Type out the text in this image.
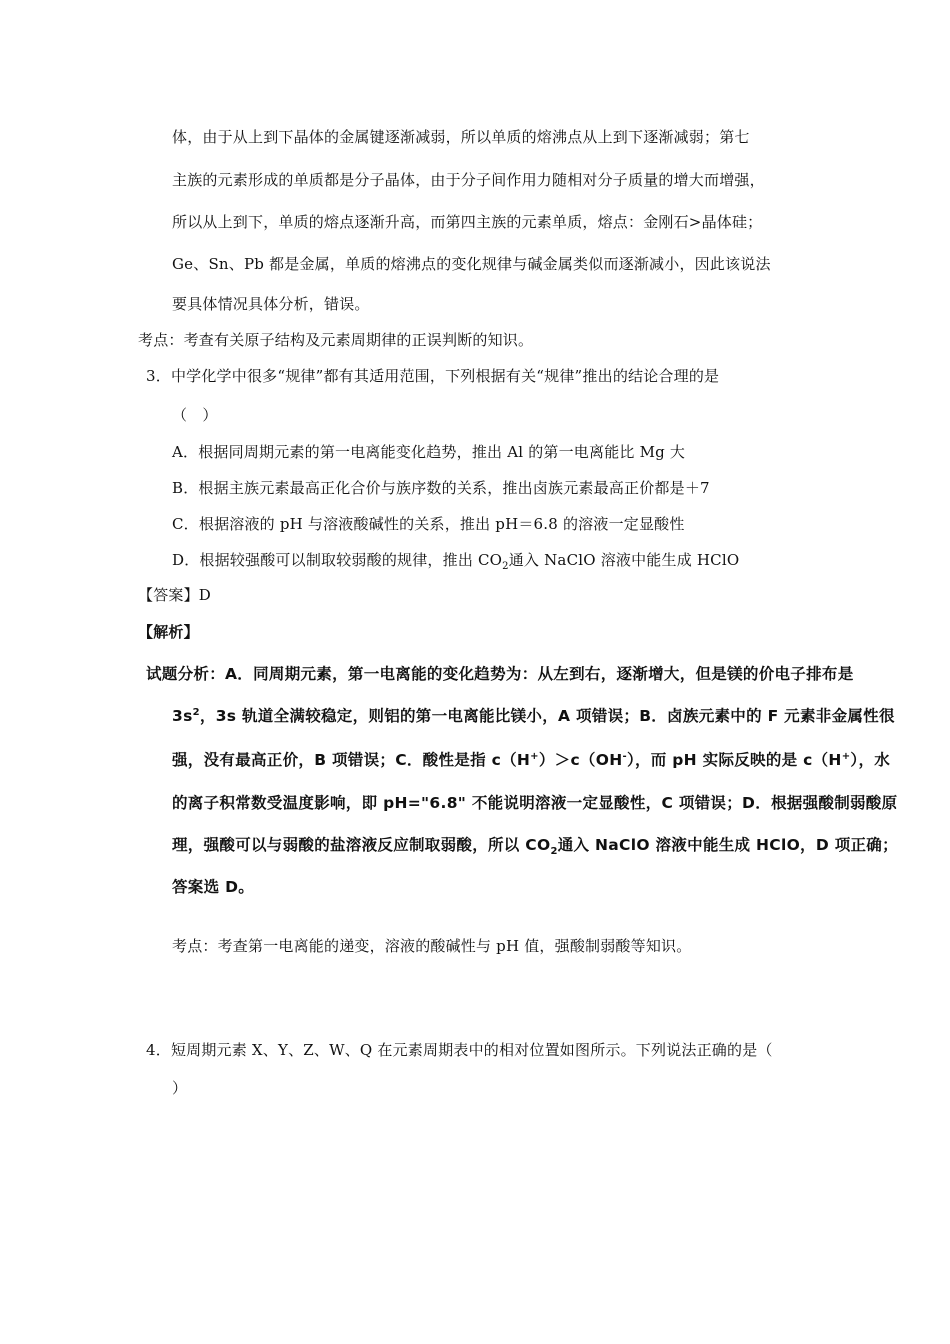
体，由于从上到下晶体的金属键逐渐减弱，所以单质的熔沸点从上到下逐渐减弱；第七
主族的元素形成的单质都是分子晶体，由于分子间作用力随相对分子质量的增大而增强，
所以从上到下，单质的熔点逐渐升高，而第四主族的元素单质，熔点：金刚石>晶体硅；
Ge、Sn、Pb 都是金属，单质的熔沸点的变化规律与碱金属类似而逐渐减小，因此该说法
要具体情况具体分析，错误。
考点：考查有关原子结构及元素周期律的正误判断的知识。
3．中学化学中很多“规律”都有其适用范围，下列根据有关“规律”推出的结论合理的是
（　）
A．根据同周期元素的第一电离能变化趋势，推出 Al 的第一电离能比 Mg 大
B．根据主族元素最高正化合价与族序数的关系，推出卤族元素最高正价都是＋7
C．根据溶液的 pH 与溶液酸碱性的关系，推出 pH＝6.8 的溶液一定显酸性
D．根据较强酸可以制取较弱酸的规律，推出 $CO_2$通入 NaClO 溶液中能生成 HClO
【答案】D
【解析】
试题分析：A．同周期元素，第一电离能的变化趋势为：从左到右，逐渐增大，但是镁的价电子排布是
$3s^2$，3s 轨道全满较稳定，则铝的第一电离能比镁小，A 项错误；B．卤族元素中的 F 元素非金属性很
强，没有最高正价，B 项错误；C．酸性是指 c（H+）＞c（OH-），而 pH 实际反映的是 c（H+），水
的离子积常数受温度影响，即 pH="6.8" 不能说明溶液一定显酸性，C 项错误；D．根据强酸制弱酸原
理，强酸可以与弱酸的盐溶液反应制取弱酸，所以 $CO_2$通入 NaClO 溶液中能生成 HClO，D 项正确；
答案选 D。
考点：考查第一电离能的递变，溶液的酸碱性与 pH 值，强酸制弱酸等知识。
4．短周期元素 X、Y、Z、W、Q 在元素周期表中的相对位置如图所示。下列说法正确的是（
）
